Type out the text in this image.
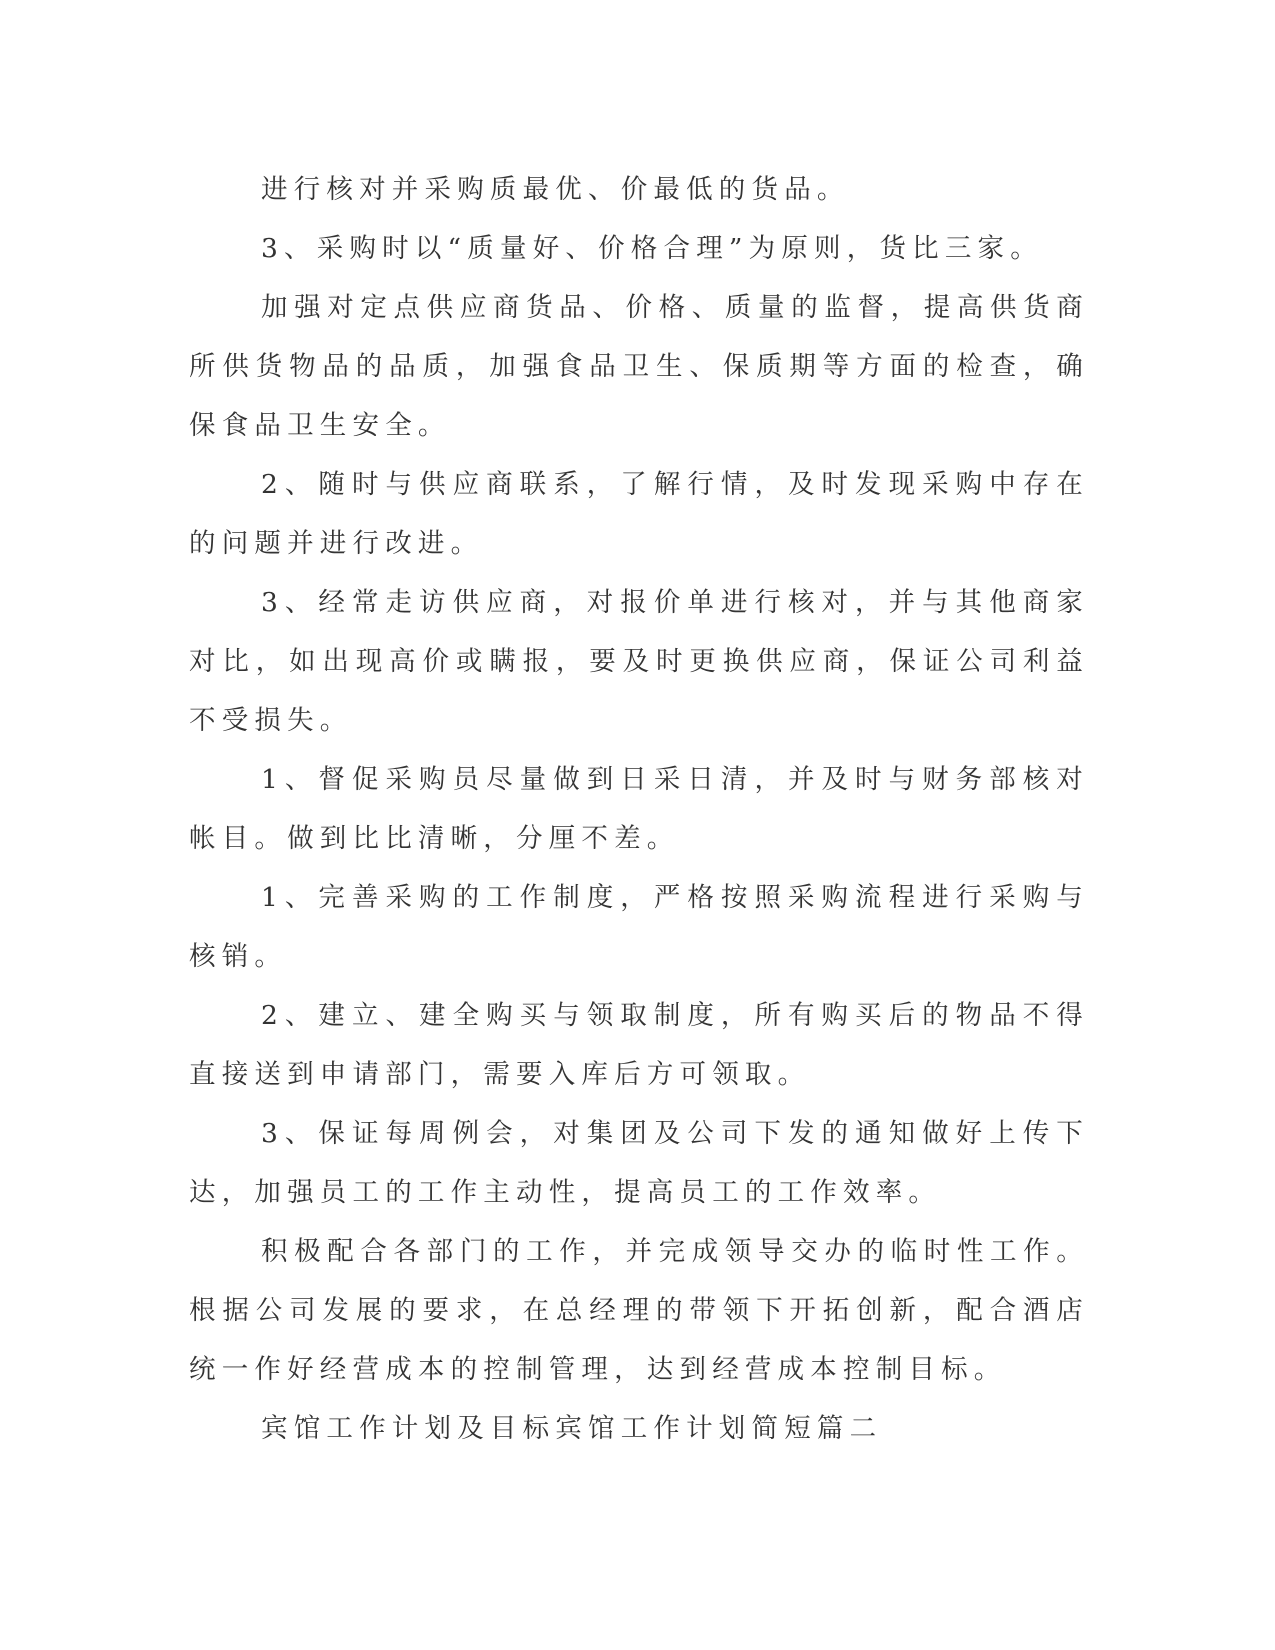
进行核对并采购质最优、价最低的货品。

3、采购时以“质量好、价格合理”为原则，货比三家。

加强对定点供应商货品、价格、质量的监督，提高供货商所供货物品的品质，加强食品卫生、保质期等方面的检查，确保食品卫生安全。

2、随时与供应商联系，了解行情，及时发现采购中存在的问题并进行改进。

3、经常走访供应商，对报价单进行核对，并与其他商家对比，如出现高价或瞒报，要及时更换供应商，保证公司利益不受损失。

1、督促采购员尽量做到日采日清，并及时与财务部核对帐目。做到比比清晰，分厘不差。

1、完善采购的工作制度，严格按照采购流程进行采购与核销。

2、建立、建全购买与领取制度，所有购买后的物品不得直接送到申请部门，需要入库后方可领取。

3、保证每周例会，对集团及公司下发的通知做好上传下达，加强员工的工作主动性，提高员工的工作效率。

积极配合各部门的工作，并完成领导交办的临时性工作。根据公司发展的要求，在总经理的带领下开拓创新，配合酒店统一作好经营成本的控制管理，达到经营成本控制目标。

宾馆工作计划及目标宾馆工作计划简短篇二
